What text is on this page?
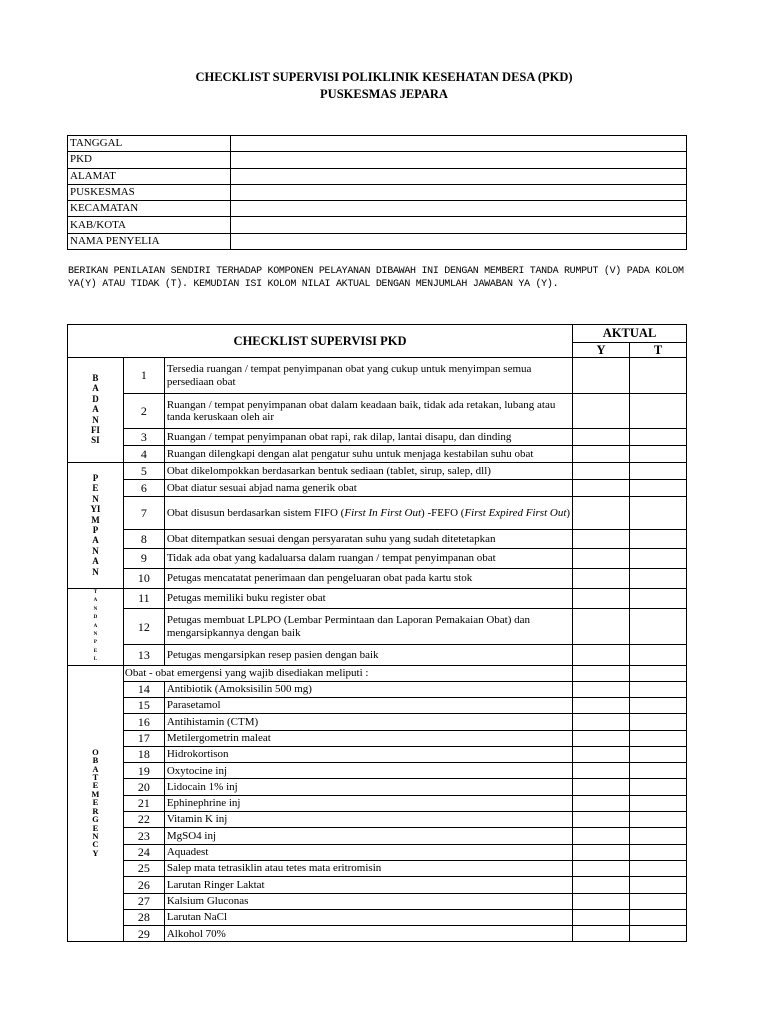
CHECKLIST SUPERVISI POLIKLINIK KESEHATAN DESA (PKD)
PUSKESMAS JEPARA
TANGGAL	
PKD	
ALAMAT	
PUSKESMAS	
KECAMATAN	
KAB/KOTA	
NAMA PENYELIA	
BERIKAN PENILAIAN SENDIRI TERHADAP KOMPONEN PELAYANAN DIBAWAH INI DENGAN MEMBERI TANDA RUMPUT (V) PADA KOLOM YA(Y) ATAU TIDAK (T). KEMUDIAN ISI KOLOM NILAI AKTUAL DENGAN MENJUMLAH JAWABAN YA (Y).
CHECKLIST SUPERVISI PKD			AKTUAL	
			Y	T
BADAN FISI	1	Tersedia ruangan / tempat penyimpanan obat yang cukup untuk menyimpan semua persediaan obat		
	2	Ruangan / tempat penyimpanan obat dalam keadaan baik, tidak ada retakan, lubang atau tanda keruskaan oleh air		
	3	Ruangan / tempat penyimpanan obat rapi, rak dilap, lantai disapu, dan dinding		
	4	Ruangan dilengkapi dengan alat pengatur suhu untuk menjaga kestabilan suhu obat		
PENYIMPANAN	5	Obat dikelompokkan berdasarkan bentuk sediaan (tablet, sirup, salep, dll)		
	6	Obat diatur sesuai abjad nama generik obat		
	7	Obat disusun berdasarkan sistem FIFO (First In First Out) -FEFO (First Expired First Out)		
	8	Obat ditempatkan sesuai dengan persyaratan suhu yang sudah ditetetapkan		
	9	Tidak ada obat yang kadaluarsa dalam ruangan / tempat penyimpanan obat		
	10	Petugas mencatatat penerimaan dan pengeluaran obat pada kartu stok		
TAN DAN PEL	11	Petugas memiliki buku register obat		
	12	Petugas membuat LPLPO (Lembar Permintaan dan Laporan Pemakaian Obat) dan mengarsipkannya dengan baik		
	13	Petugas mengarsipkan resep pasien dengan baik		
OBAT EMERGENCY	Obat - obat emergensi yang wajib disediakan meliputi :			
	14	Antibiotik (Amoksisilin 500 mg)		
	15	Parasetamol		
	16	Antihistamin (CTM)		
	17	Metilergometrin maleat		
	18	Hidrokortison		
	19	Oxytocine inj		
	20	Lidocain 1% inj		
	21	Ephinephrine inj		
	22	Vitamin K inj		
	23	MgSO4 inj		
	24	Aquadest		
	25	Salep mata tetrasiklin atau tetes mata eritromisin		
	26	Larutan Ringer Laktat		
	27	Kalsium Gluconas		
	28	Larutan NaCl		
	29	Alkohol 70%		
